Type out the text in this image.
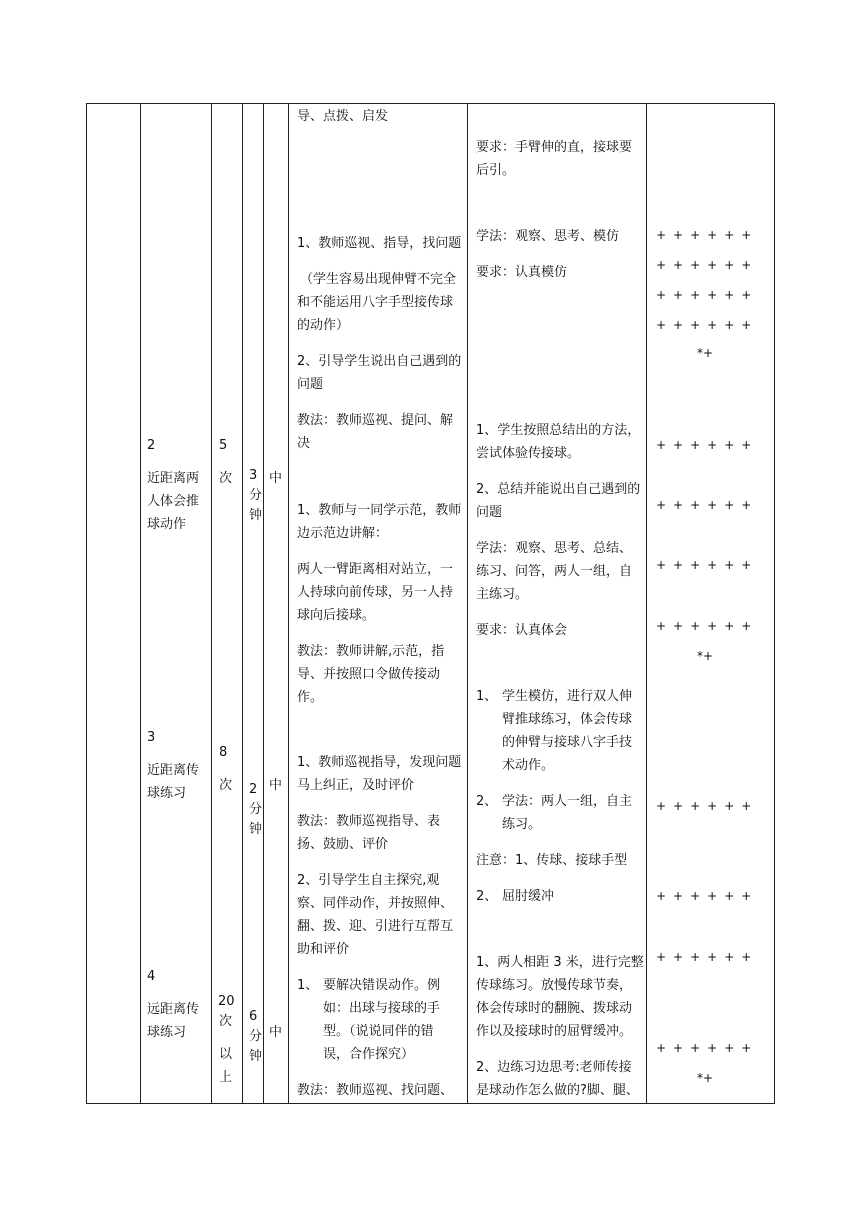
2
近距离两
人体会推
球动作
3
近距离传
球练习
4
远距离传
球练习
5
次
8
次
20
次
以
上
3
分
钟
2
分
钟
6
分
钟
中
中
中
导、点拨、启发
1、教师巡视、指导，找问题
（学生容易出现伸臂不完全
和不能运用八字手型接传球
的动作）
2、引导学生说出自己遇到的
问题
教法：教师巡视、提问、解
决
1、教师与一同学示范，教师
边示范边讲解：
两人一臂距离相对站立，一
人持球向前传球，另一人持
球向后接球。
教法：教师讲解,示范，指
导、并按照口令做传接动
作。
1、教师巡视指导，发现问题
马上纠正，及时评价
教法：教师巡视指导、表
扬、鼓励、评价
2、引导学生自主探究,观
察、同伴动作，并按照伸、
翻、拨、迎、引进行互帮互
助和评价
1、 要解决错误动作。例
如：出球与接球的手
型。（说说同伴的错
误，合作探究）
教法：教师巡视、找问题、
要求：手臂伸的直，接球要
后引。
学法：观察、思考、模仿
要求：认真模仿
1、学生按照总结出的方法，
尝试体验传接球。
2、总结并能说出自己遇到的
问题
学法：观察、思考、总结、
练习、问答，两人一组，自
主练习。
要求：认真体会
1、 学生模仿，进行双人伸
臂推球练习，体会传球
的伸臂与接球八字手技
术动作。
2、 学法：两人一组，自主
练习。
注意：1、传球、接球手型
2、 屈肘缓冲
1、两人相距 3 米，进行完整
传球练习。放慢传球节奏，
体会传球时的翻腕、拨球动
作以及接球时的屈臂缓冲。
2、边练习边思考:老师传接
是球动作怎么做的?脚、腿、
++++++
++++++
++++++
++++++
*+
++++++
++++++
++++++
++++++
*+
++++++
++++++
++++++
++++++
*+
